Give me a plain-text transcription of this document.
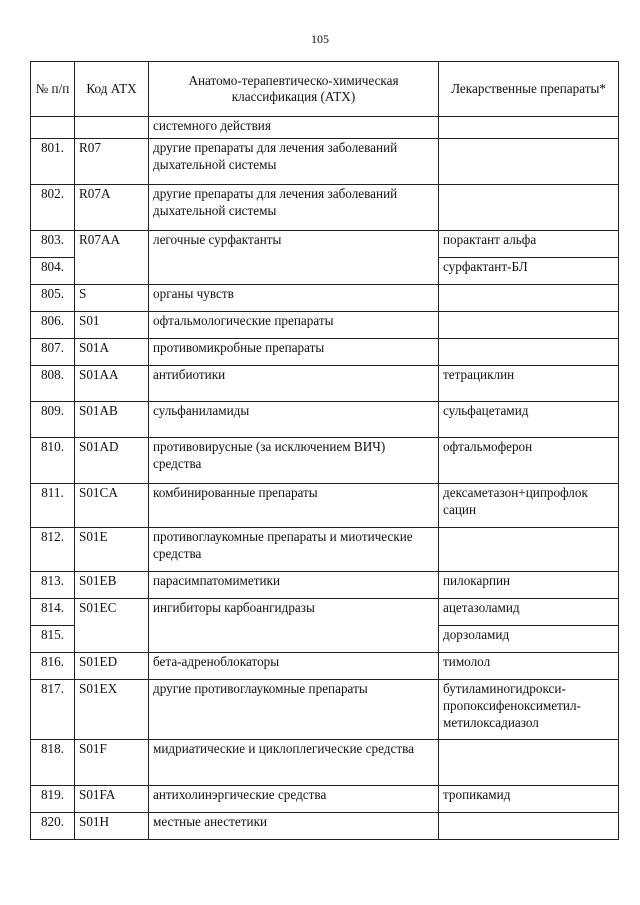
105
№ п/п	Код АТХ	Анатомо-терапевтическо-химическая классификация (АТХ)	Лекарственные препараты*
		системного действия	
801.	R07	другие препараты для лечения заболеваний дыхательной системы	
802.	R07A	другие препараты для лечения заболеваний дыхательной системы	
803.	R07AA	легочные сурфактанты	порактант альфа
804.			сурфактант-БЛ
805.	S	органы чувств	
806.	S01	офтальмологические препараты	
807.	S01A	противомикробные препараты	
808.	S01AA	антибиотики	тетрациклин
809.	S01AB	сульфаниламиды	сульфацетамид
810.	S01AD	противовирусные (за исключением ВИЧ) средства	офтальмоферон
811.	S01CA	комбинированные препараты	дексаметазон+ципрофлок сацин
812.	S01E	противоглаукомные препараты и миотические средства	
813.	S01EB	парасимпатомиметики	пилокарпин
814.	S01EC	ингибиторы карбоангидразы	ацетазоламид
815.			дорзоламид
816.	S01ED	бета-адреноблокаторы	тимолол
817.	S01EX	другие противоглаукомные препараты	бутиламиногидрокси-пропоксифеноксиметил-метилоксадиазол
818.	S01F	мидриатические и циклоплегические средства	
819.	S01FA	антихолинэргические средства	тропикамид
820.	S01H	местные анестетики	
